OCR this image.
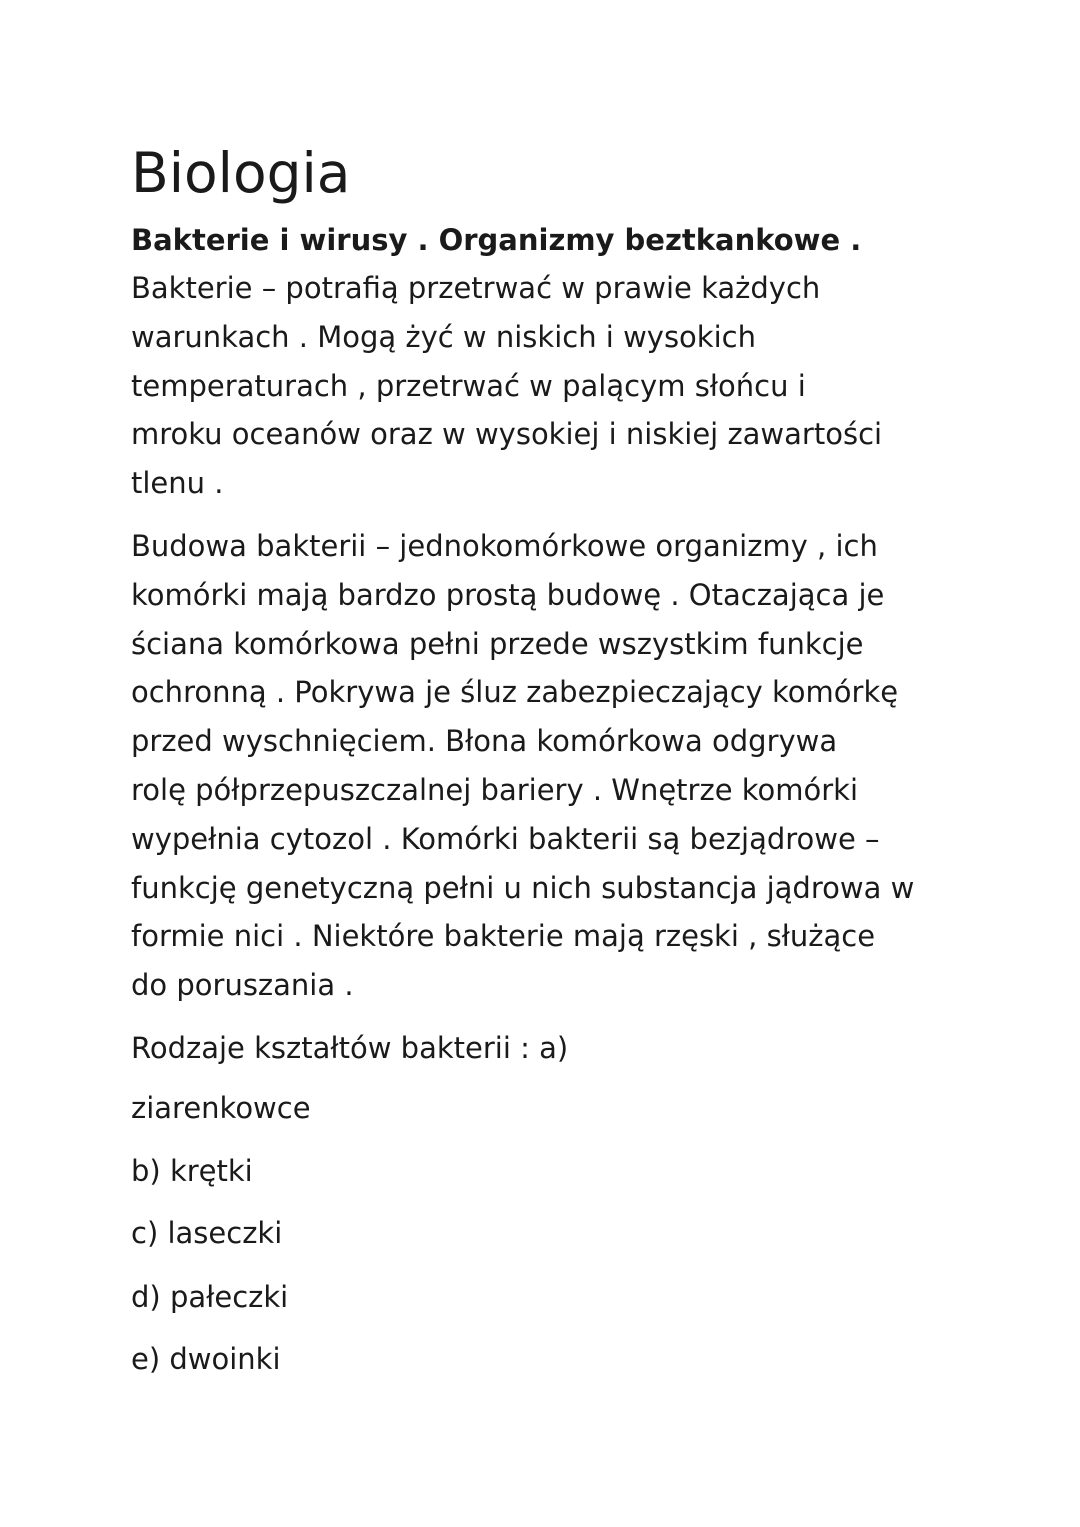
Biologia
Bakterie i wirusy . Organizmy beztkankowe .

Bakterie – potrafią przetrwać w prawie każdych
warunkach . Mogą żyć w niskich i wysokich
temperaturach , przetrwać w palącym słońcu i
mroku oceanów oraz w wysokiej i niskiej zawartości
tlenu .

Budowa bakterii – jednokomórkowe organizmy , ich
komórki mają bardzo prostą budowę . Otaczająca je
ściana komórkowa pełni przede wszystkim funkcje
ochronną . Pokrywa je śluz zabezpieczający komórkę
przed wyschnięciem. Błona komórkowa odgrywa
rolę półprzepuszczalnej bariery . Wnętrze komórki
wypełnia cytozol . Komórki bakterii są bezjądrowe –
funkcję genetyczną pełni u nich substancja jądrowa w
formie nici . Niektóre bakterie mają rzęski , służące
do poruszania .

Rodzaje kształtów bakterii : a)

ziarenkowce

b) krętki

c) laseczki

d) pałeczki

e) dwoinki
